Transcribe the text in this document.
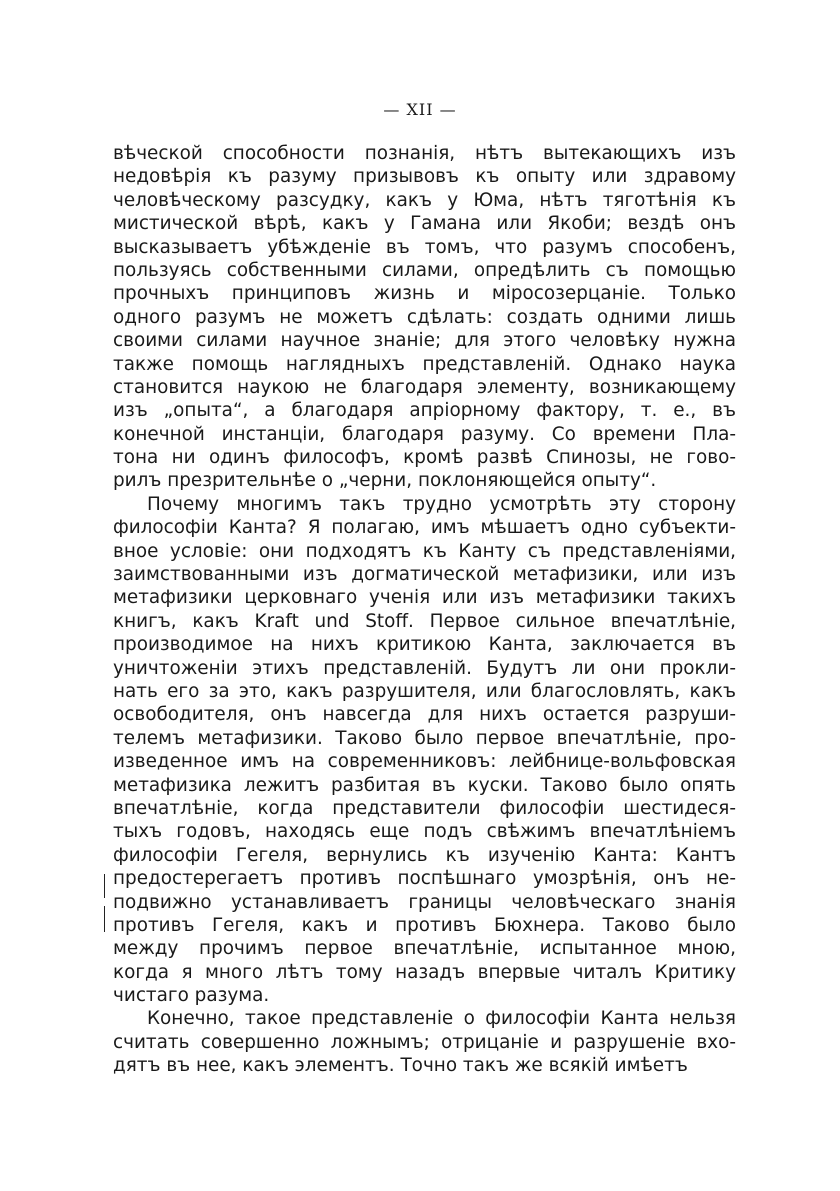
— XII —
вѣческой способности познанія, нѣтъ вытекающихъ изъ
недовѣрія къ разуму призывовъ къ опыту или здравому
человѣческому разсудку, какъ у Юма, нѣтъ тяготѣнія къ
мистической вѣрѣ, какъ у Гамана или Якоби; вездѣ онъ
высказываетъ убѣжденіе въ томъ, что разумъ способенъ,
пользуясь собственными силами, опредѣлить съ помощью
прочныхъ принциповъ жизнь и міросозерцаніе. Только
одного разумъ не можетъ сдѣлать: создать одними лишь
своими силами научное знаніе; для этого человѣку нужна
также помощь наглядныхъ представленій. Однако наука
становится наукою не благодаря элементу, возникающему
изъ „опыта“, а благодаря апріорному фактору, т. е., въ
конечной инстанціи, благодаря разуму. Со времени Пла-
тона ни одинъ философъ, кромѣ развѣ Спинозы, не гово-
рилъ презрительнѣе о „черни, поклоняющейся опыту“.
Почему многимъ такъ трудно усмотрѣть эту сторону
философіи Канта? Я полагаю, имъ мѣшаетъ одно субъекти-
вное условіе: они подходятъ къ Канту съ представленіями,
заимствованными изъ догматической метафизики, или изъ
метафизики церковнаго ученія или изъ метафизики такихъ
книгъ, какъ Kraft und Stoff. Первое сильное впечатлѣніе,
производимое на нихъ критикою Канта, заключается въ
уничтоженіи этихъ представленій. Будутъ ли они прокли-
нать его за это, какъ разрушителя, или благословлять, какъ
освободителя, онъ навсегда для нихъ остается разруши-
телемъ метафизики. Таково было первое впечатлѣніе, про-
изведенное имъ на современниковъ: лейбнице-вольфовская
метафизика лежитъ разбитая въ куски. Таково было опять
впечатлѣніе, когда представители философіи шестидеся-
тыхъ годовъ, находясь еще подъ свѣжимъ впечатлѣніемъ
философіи Гегеля, вернулись къ изученію Канта: Кантъ
предостерегаетъ противъ поспѣшнаго умозрѣнія, онъ не-
подвижно устанавливаетъ границы человѣческаго знанія
противъ Гегеля, какъ и противъ Бюхнера. Таково было
между прочимъ первое впечатлѣніе, испытанное мною,
когда я много лѣтъ тому назадъ впервые читалъ Критику
чистаго разума.
Конечно, такое представленіе о философіи Канта нельзя
считать совершенно ложнымъ; отрицаніе и разрушеніе вхо-
дятъ въ нее, какъ элементъ. Точно такъ же всякій имѣетъ
